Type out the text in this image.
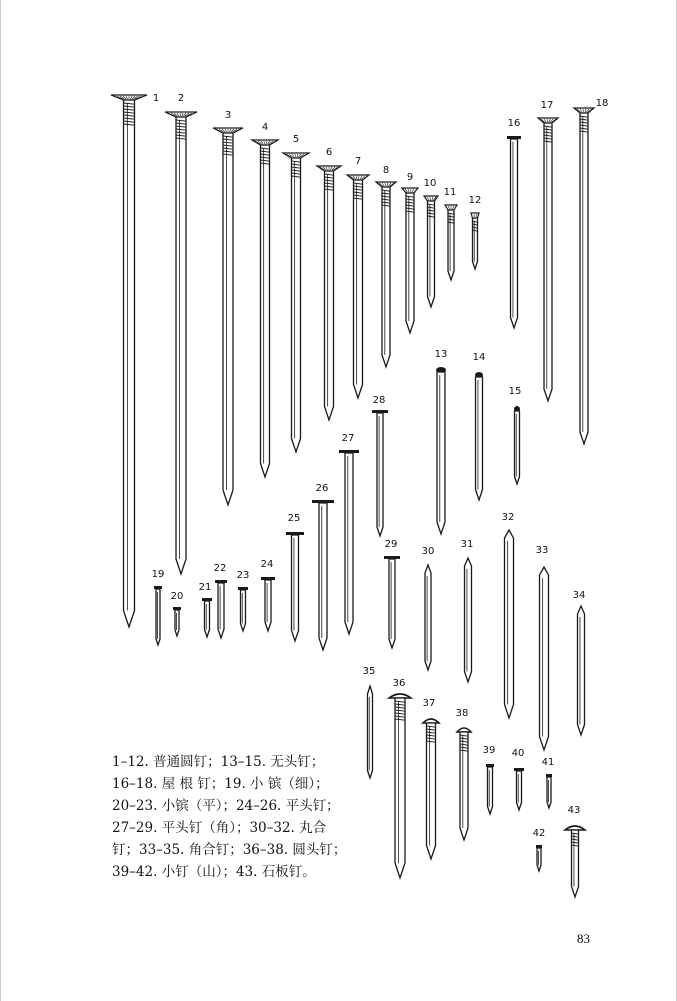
1 2
3
4
5
6
7
8
9
10
11
12
13	14
15
16
17	18
19
20
21
22
23
24
25
26
27
28
29
30
31
32
33
34
35
36
37
38
39 40
41
42
43

1–12. 普通圆钉；13–15. 无头钉；
16–18. 屋 根 钉；19. 小 镔（细）；
20–23. 小镔（平）；24–26. 平头钉；
27–29. 平头钉（角）；30–32. 丸合
钉；33–35. 角合钉；36–38. 圆头钉；
39–42. 小钉（山）；43. 石板钉。

83
